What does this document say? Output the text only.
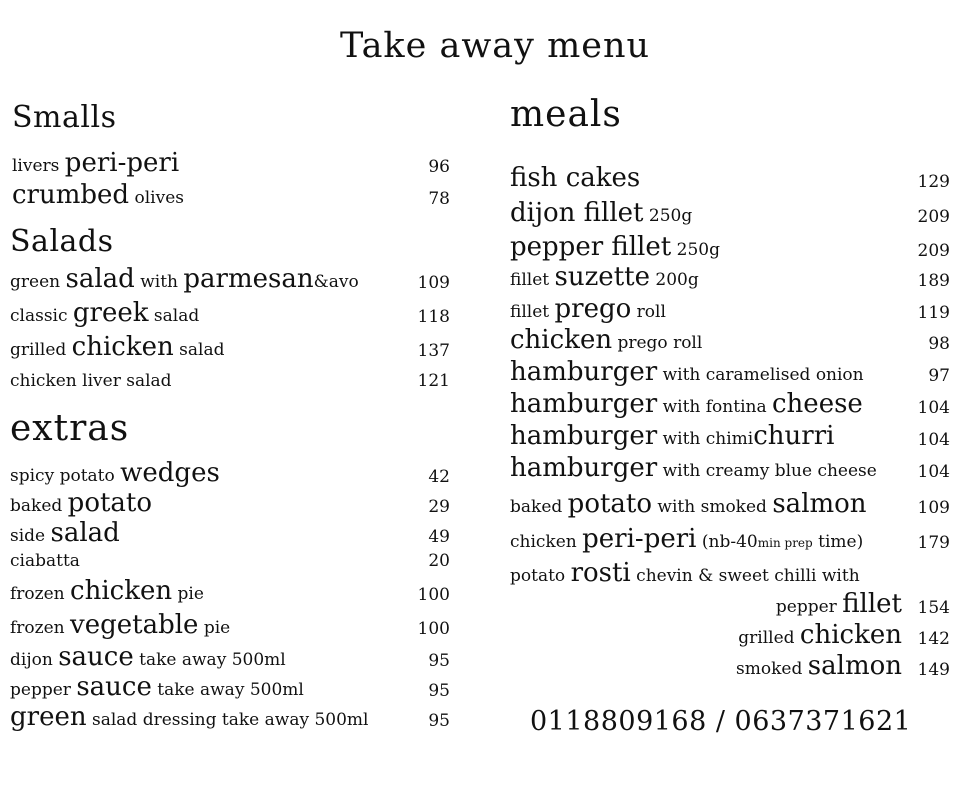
Take away menu
Smalls
livers peri-peri	96
crumbed olives	78
Salads
green salad with parmesan&avo	109
classic greek salad	118
grilled chicken salad	137
chicken liver salad	121
extras
spicy potato wedges	42
baked potato	29
side salad	49
ciabatta	20
frozen chicken pie	100
frozen vegetable pie	100
dijon sauce take away 500ml	95
pepper sauce take away 500ml	95
green salad dressing take away 500ml	95
meals
fish cakes	129
dijon fillet 250g	209
pepper fillet 250g	209
fillet suzette 200g	189
fillet prego roll	119
chicken prego roll	98
hamburger with caramelised onion	97
hamburger with fontina cheese	104
hamburger with chimichurri	104
hamburger with creamy blue cheese 104
baked potato with smoked salmon	109
chicken peri-peri (nb-40min prep time)	179
potato rosti chevin & sweet chilli with
pepper fillet 154
grilled chicken 142
smoked salmon 149
0118809168 / 0637371621
